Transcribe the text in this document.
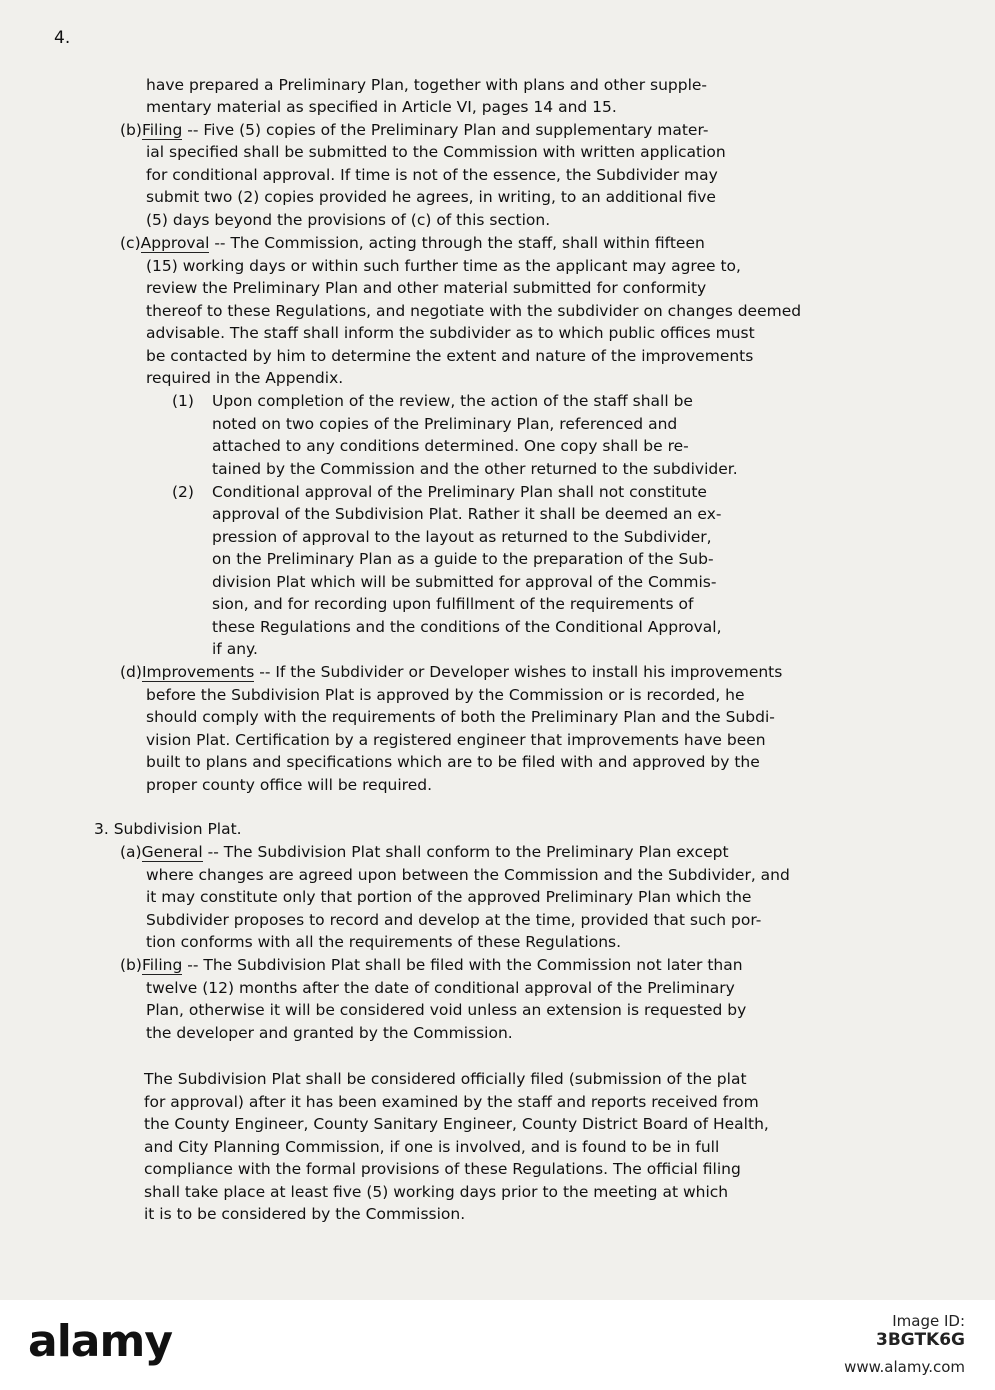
4.
have prepared a Preliminary Plan, together with plans and other supple-
mentary material as specified in Article VI, pages 14 and 15.
(b)Filing -- Five (5) copies of the Preliminary Plan and supplementary mater-
ial specified shall be submitted to the Commission with written application
for conditional approval. If time is not of the essence, the Subdivider may
submit two (2) copies provided he agrees, in writing, to an additional five
(5) days beyond the provisions of (c) of this section.
(c)Approval -- The Commission, acting through the staff, shall within fifteen
(15) working days or within such further time as the applicant may agree to,
review the Preliminary Plan and other material submitted for conformity
thereof to these Regulations, and negotiate with the subdivider on changes deemed
advisable. The staff shall inform the subdivider as to which public offices must
be contacted by him to determine the extent and nature of the improvements
required in the Appendix.
(1) Upon completion of the review, the action of the staff shall be
noted on two copies of the Preliminary Plan, referenced and
attached to any conditions determined. One copy shall be re-
tained by the Commission and the other returned to the subdivider.
(2) Conditional approval of the Preliminary Plan shall not constitute
approval of the Subdivision Plat. Rather it shall be deemed an ex-
pression of approval to the layout as returned to the Subdivider,
on the Preliminary Plan as a guide to the preparation of the Sub-
division Plat which will be submitted for approval of the Commis-
sion, and for recording upon fulfillment of the requirements of
these Regulations and the conditions of the Conditional Approval,
if any.
(d)Improvements -- If the Subdivider or Developer wishes to install his improvements
before the Subdivision Plat is approved by the Commission or is recorded, he
should comply with the requirements of both the Preliminary Plan and the Subdi-
vision Plat. Certification by a registered engineer that improvements have been
built to plans and specifications which are to be filed with and approved by the
proper county office will be required.
3. Subdivision Plat.
(a)General -- The Subdivision Plat shall conform to the Preliminary Plan except
where changes are agreed upon between the Commission and the Subdivider, and
it may constitute only that portion of the approved Preliminary Plan which the
Subdivider proposes to record and develop at the time, provided that such por-
tion conforms with all the requirements of these Regulations.
(b)Filing -- The Subdivision Plat shall be filed with the Commission not later than
twelve (12) months after the date of conditional approval of the Preliminary
Plan, otherwise it will be considered void unless an extension is requested by
the developer and granted by the Commission.
The Subdivision Plat shall be considered officially filed (submission of the plat
for approval) after it has been examined by the staff and reports received from
the County Engineer, County Sanitary Engineer, County District Board of Health,
and City Planning Commission, if one is involved, and is found to be in full
compliance with the formal provisions of these Regulations. The official filing
shall take place at least five (5) working days prior to the meeting at which
it is to be considered by the Commission.
alamy	Image ID:
3BGTK6G
www.alamy.com
